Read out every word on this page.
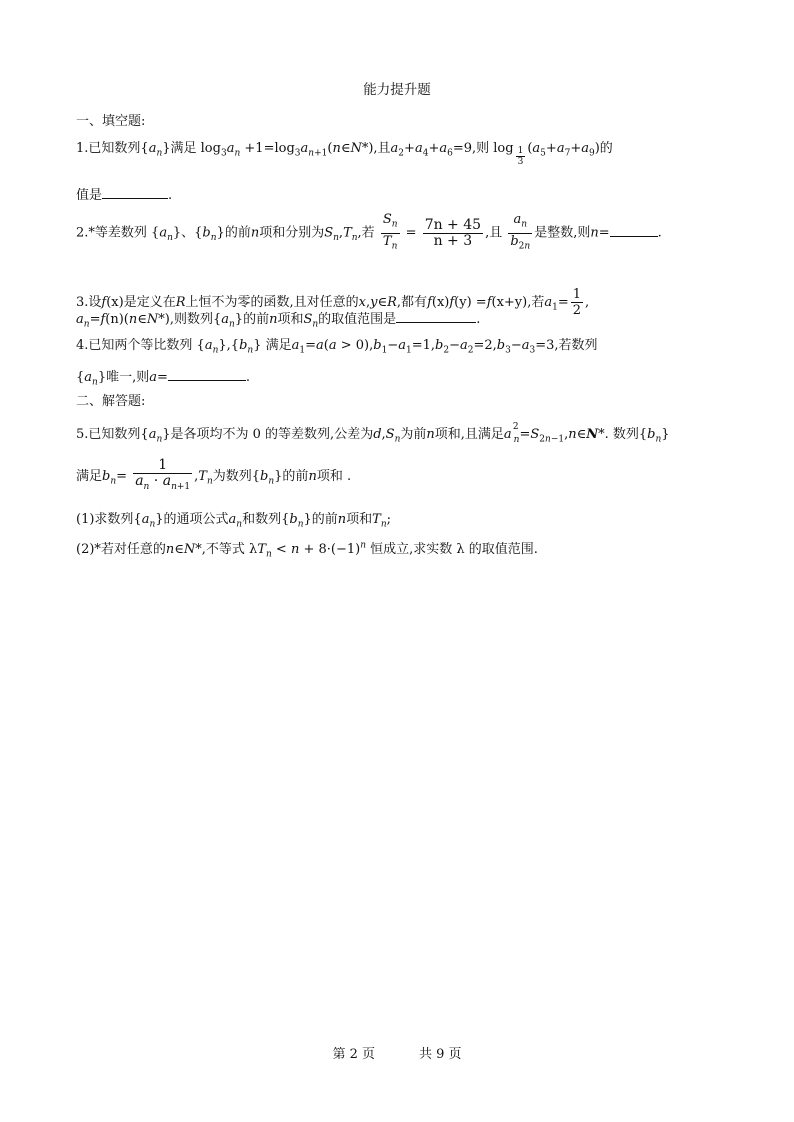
能力提升题
一、填空题:
1.已知数列$\{a_n\}$满足 $\log_3a_n$ $+1=\log_3a_{n+1}(n\in N*)$,且$a_2+a_4+a_6=9$,则 $\log \frac{1}{3} (a_5+a_7+a_9)$的
值是	.
2.*等差数列 $\{a_n\}$、$\{b_n\}$的前n项和分别为$S_n,T_n$,若 $\frac{S_n}{T_n} = \frac{7n + 45}{n + 3}$ ,且 $\frac{a_n}{b_{2n}}$ 是整数,则n=	.
3.设f(x)是定义在R上恒不为零的函数,且对任意的x,y∈R,都有f(x)f(y) =f(x+y),若$a_1= \frac{1}{2}$ ,
$a_n=f(n)(n\in N*)$,则数列$\{a_n\}$的前n项和$S_n$的取值范围是	.
4.已知两个等比数列 $\{a_n\},\{b_n\}$ 满足$a_1=a(a > 0),b_1-a_1=1,b_2-a_2=2,b_3-a_3=3$,若数列
$\{a_n\}$唯一,则a=	.
二、解答题:
5.已知数列$\{a_n\}$是各项均不为 0 的等差数列,公差为$d,S_n$为前n项和,且满足a 2
$_n=S_{2n-1},n\in N*$. 数列$\{b_n\}$
满足$b_n= \frac{1}{a_n \cdot a_{n+1}} ,T_n$为数列$\{b_n\}$的前n项和 .
(1)求数列$\{a_n\}$的通项公式$a_n$和数列$\{b_n\}$的前n项和$T_n$;
(2)*若对任意的n∈N*,不等式 $\lambda T_n < n + 8\cdot(-1)^n$ 恒成立,求实数 λ 的取值范围.
第 2 页	共 9 页
